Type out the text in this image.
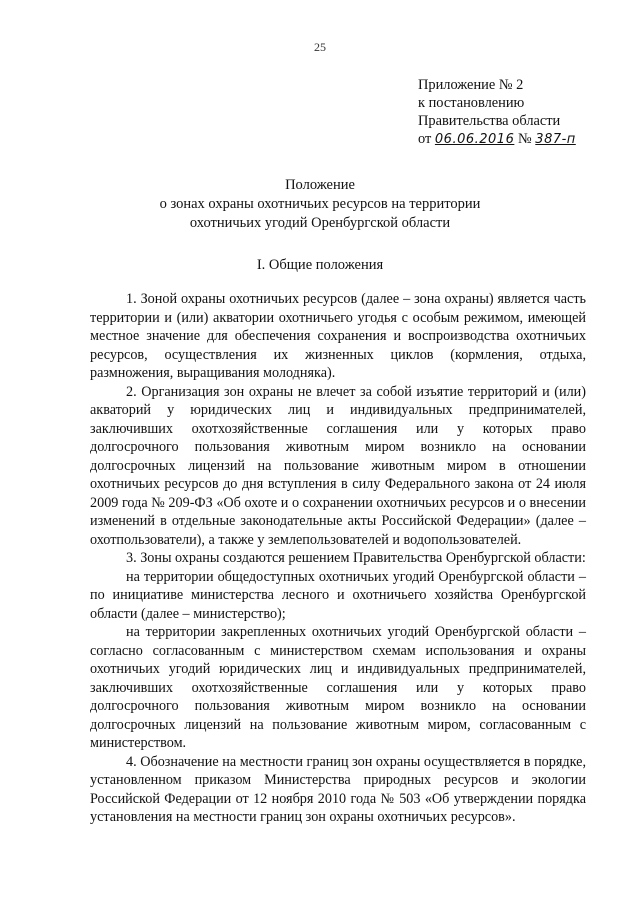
25
Приложение № 2
к постановлению
Правительства области
от 06.06.2016 № 387-п
Положение
о зонах охраны охотничьих ресурсов на территории
охотничьих угодий Оренбургской области
I. Общие положения

1. Зоной охраны охотничьих ресурсов (далее – зона охраны) является часть территории и (или) акватории охотничьего угодья с особым режимом, имеющей местное значение для обеспечения сохранения и воспроизводства охотничьих ресурсов, осуществления их жизненных циклов (кормления, отдыха, размножения, выращивания молодняка).

2. Организация зон охраны не влечет за собой изъятие территорий и (или) акваторий у юридических лиц и индивидуальных предпринимателей, заключивших охотхозяйственные соглашения или у которых право долгосрочного пользования животным миром возникло на основании долгосрочных лицензий на пользование животным миром в отношении охотничьих ресурсов до дня вступления в силу Федерального закона от 24 июля 2009 года № 209-ФЗ «Об охоте и о сохранении охотничьих ресурсов и о внесении изменений в отдельные законодательные акты Российской Федерации» (далее – охотпользователи), а также у землепользователей и водопользователей.

3. Зоны охраны создаются решением Правительства Оренбургской области:

на территории общедоступных охотничьих угодий Оренбургской области – по инициативе министерства лесного и охотничьего хозяйства Оренбургской области (далее – министерство);

на территории закрепленных охотничьих угодий Оренбургской области – согласно согласованным с министерством схемам использования и охраны охотничьих угодий юридических лиц и индивидуальных предпринимателей, заключивших охотхозяйственные соглашения или у которых право долгосрочного пользования животным миром возникло на основании долгосрочных лицензий на пользование животным миром, согласованным с министерством.

4. Обозначение на местности границ зон охраны осуществляется в порядке, установленном приказом Министерства природных ресурсов и экологии Российской Федерации от 12 ноября 2010 года № 503 «Об утверждении порядка установления на местности границ зон охраны охотничьих ресурсов».
